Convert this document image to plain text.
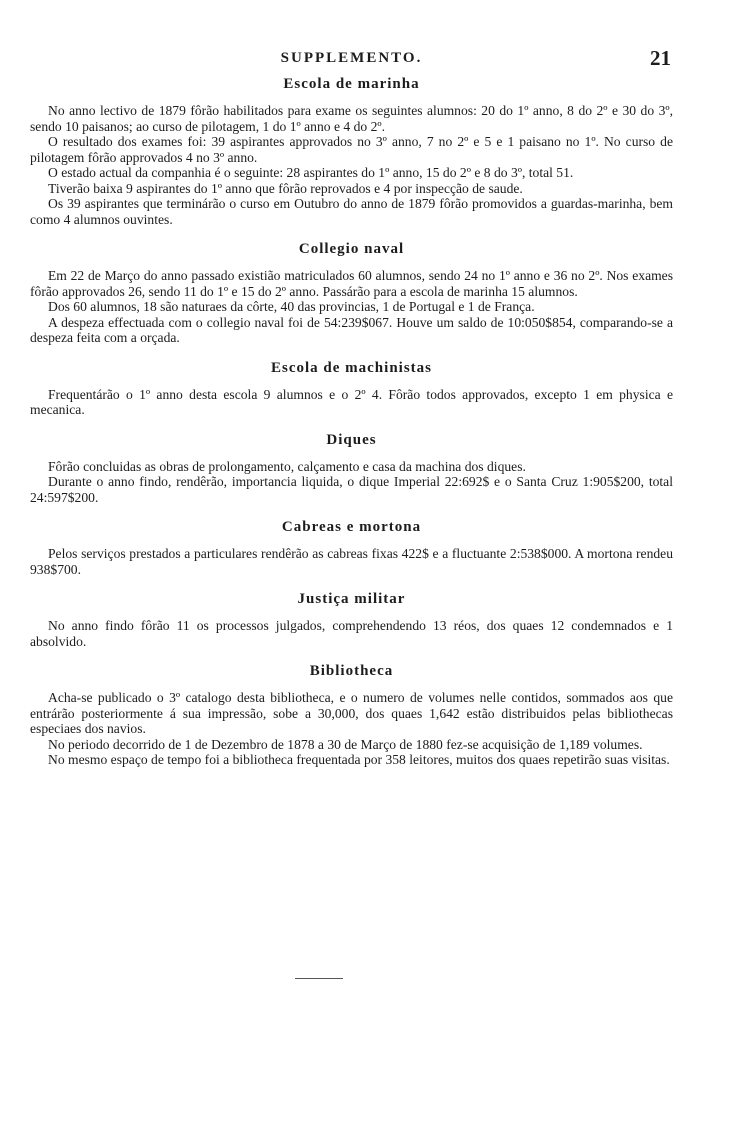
SUPPLEMENTO.	21
Escola de marinha

No anno lectivo de 1879 fôrão habilitados para exame os seguintes alumnos: 20 do 1º anno, 8 do 2º e 30 do 3º, sendo 10 paisanos; ao curso de pilotagem, 1 do 1º anno e 4 do 2º.

O resultado dos exames foi: 39 aspirantes approvados no 3º anno, 7 no 2º e 5 e 1 paisano no 1º. No curso de pilotagem fôrão approvados 4 no 3º anno.

O estado actual da companhia é o seguinte: 28 aspirantes do 1º anno, 15 do 2º e 8 do 3º, total 51.

Tiverão baixa 9 aspirantes do 1º anno que fôrão reprovados e 4 por inspecção de saude.

Os 39 aspirantes que terminárão o curso em Outubro do anno de 1879 fôrão promovidos a guardas-marinha, bem como 4 alumnos ouvintes.

Collegio naval

Em 22 de Março do anno passado existião matriculados 60 alumnos, sendo 24 no 1º anno e 36 no 2º. Nos exames fôrão approvados 26, sendo 11 do 1º e 15 do 2º anno. Passárão para a escola de marinha 15 alumnos.

Dos 60 alumnos, 18 são naturaes da côrte, 40 das provincias, 1 de Portugal e 1 de França.

A despeza effectuada com o collegio naval foi de 54:239$067. Houve um saldo de 10:050$854, comparando-se a despeza feita com a orçada.

Escola de machinistas

Frequentárão o 1º anno desta escola 9 alumnos e o 2º 4. Fôrão todos approvados, excepto 1 em physica e mecanica.

Diques

Fôrão concluidas as obras de prolongamento, calçamento e casa da machina dos diques.

Durante o anno findo, rendêrão, importancia liquida, o dique Imperial 22:692$ e o Santa Cruz 1:905$200, total 24:597$200.

Cabreas e mortona

Pelos serviços prestados a particulares rendêrão as cabreas fixas 422$ e a fluctuante 2:538$000. A mortona rendeu 938$700.

Justiça militar

No anno findo fôrão 11 os processos julgados, comprehendendo 13 réos, dos quaes 12 condemnados e 1 absolvido.

Bibliotheca

Acha-se publicado o 3º catalogo desta bibliotheca, e o numero de volumes nelle contidos, sommados aos que entrárão posteriormente á sua impressão, sobe a 30,000, dos quaes 1,642 estão distribuidos pelas bibliothecas especiaes dos navios.

No periodo decorrido de 1 de Dezembro de 1878 a 30 de Março de 1880 fez-se acquisição de 1,189 volumes.

No mesmo espaço de tempo foi a bibliotheca frequentada por 358 leitores, muitos dos quaes repetirão suas visitas.
